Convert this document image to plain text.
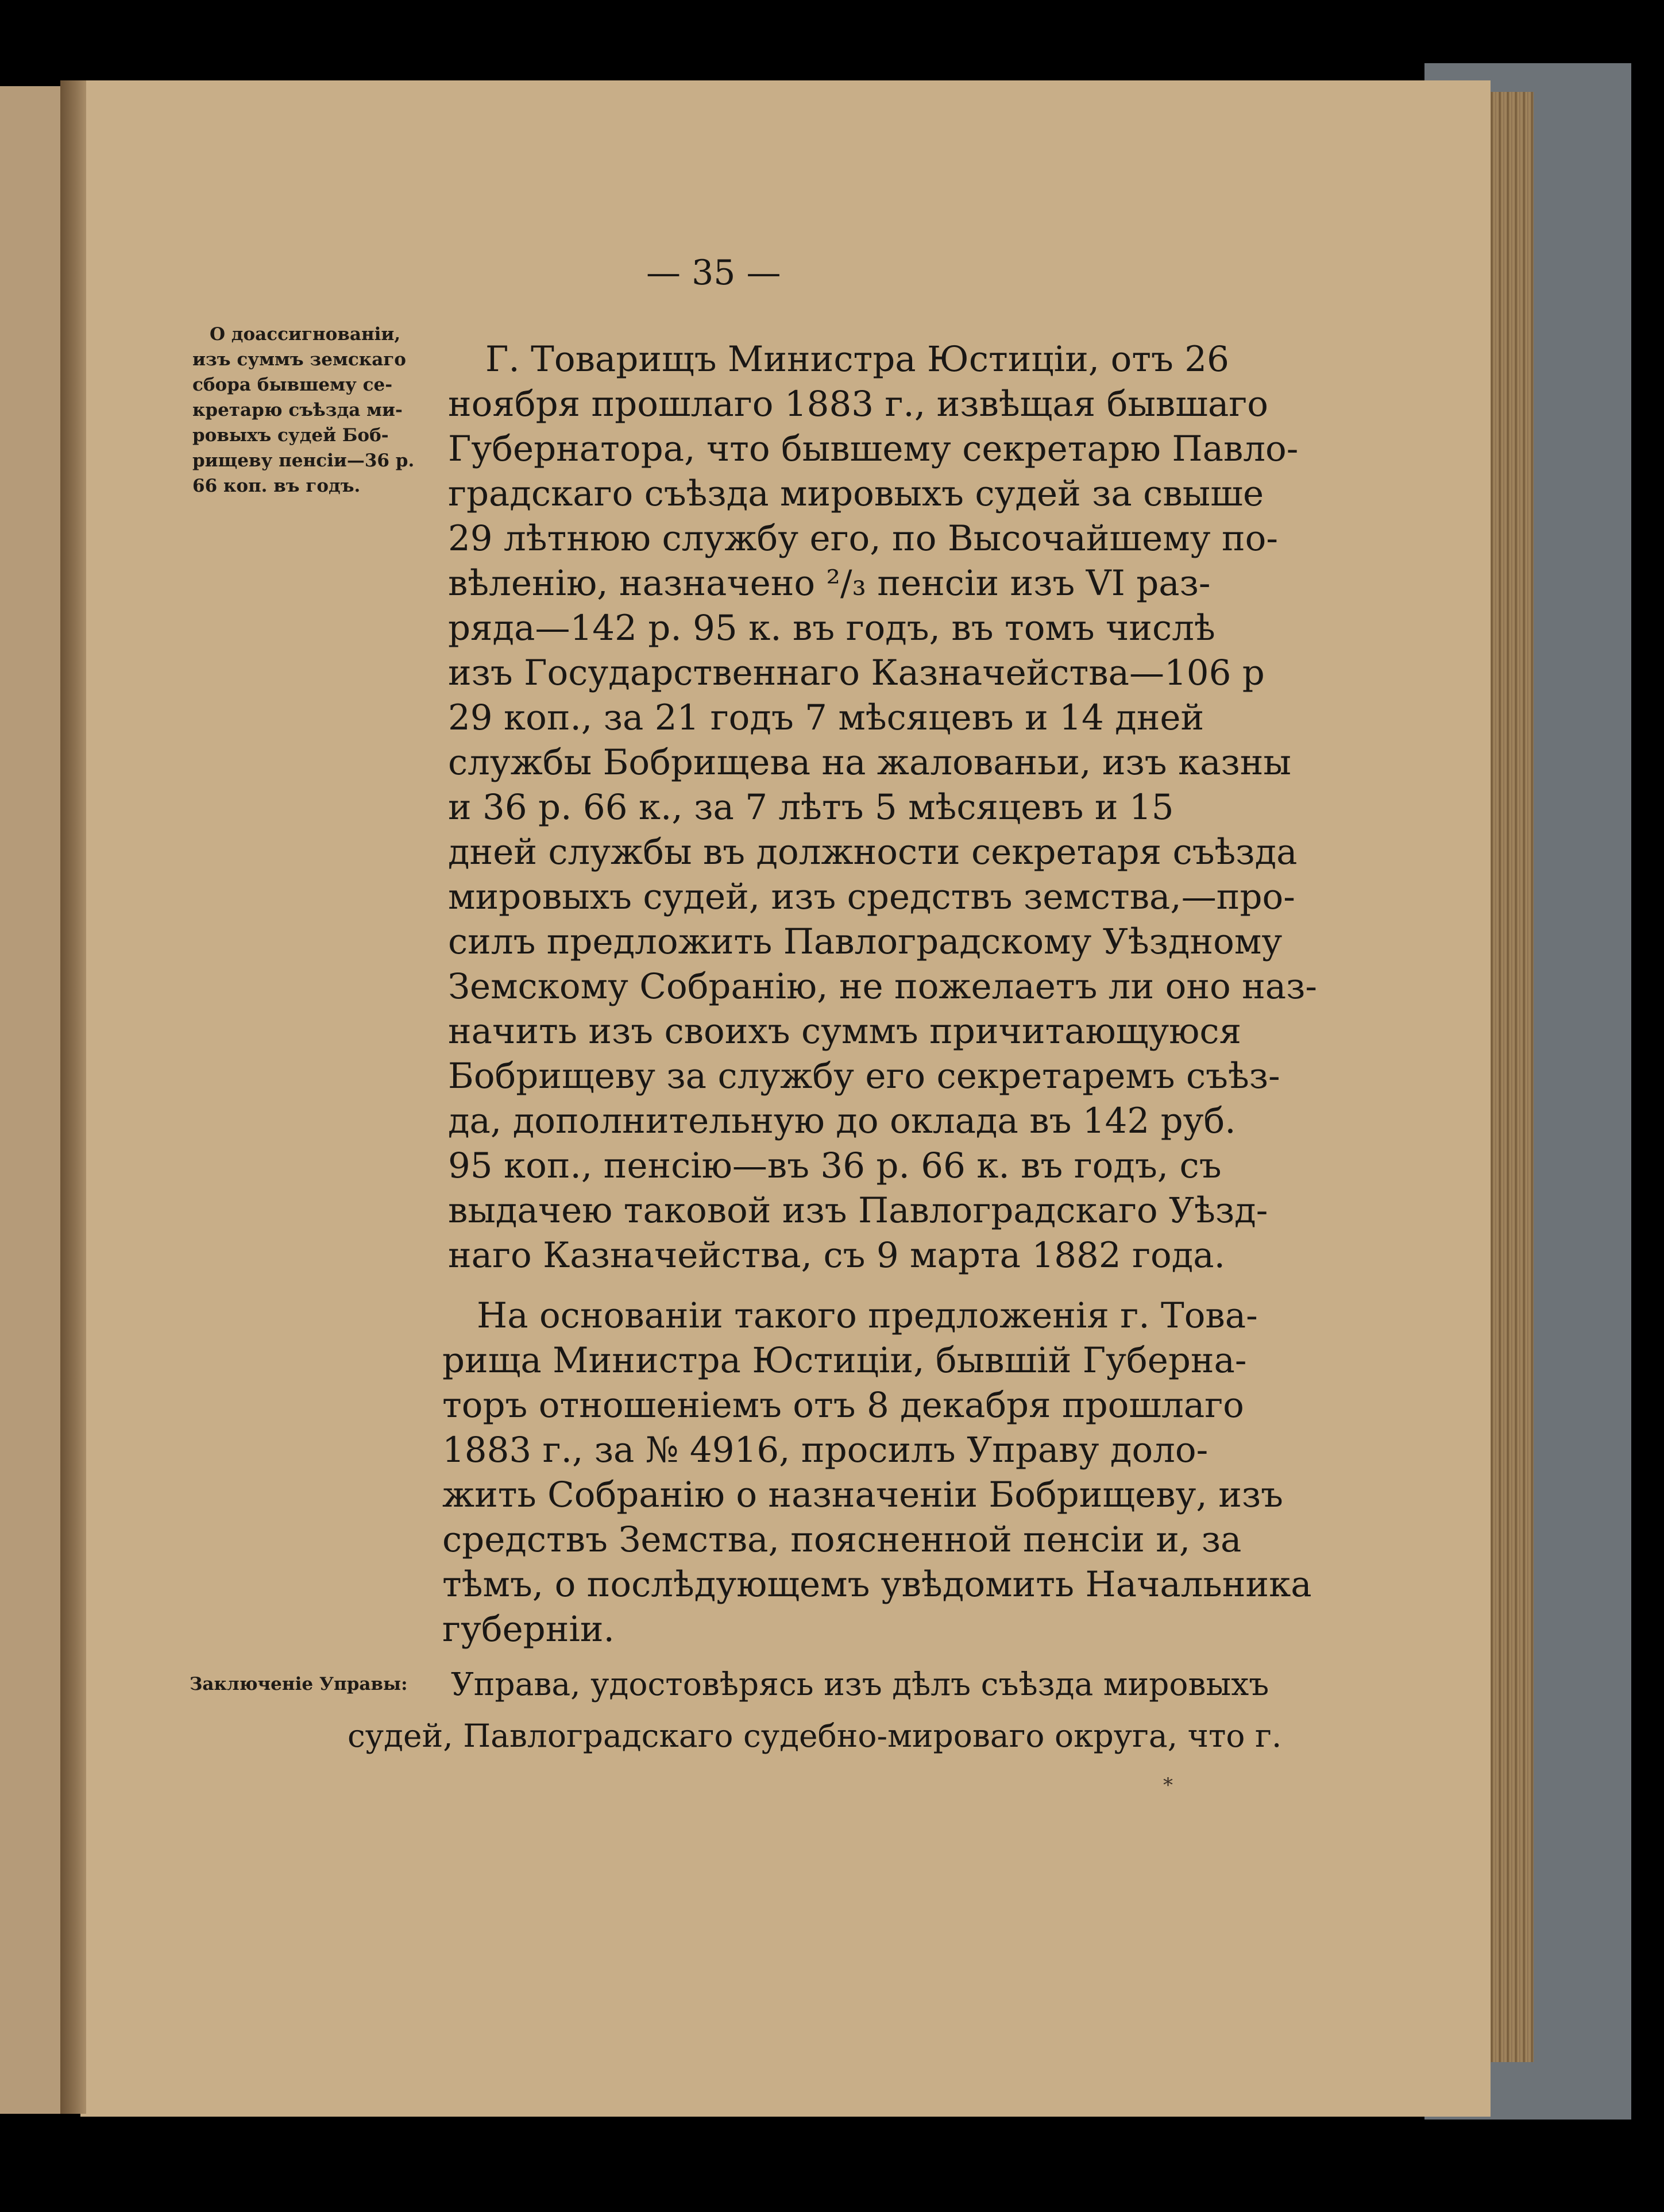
— 35 —
О доассигнованіи,
изъ суммъ земскаго
сбора бывшему се-
кретарю съѣзда ми-
ровыхъ судей Боб-
рищеву пенсіи—36 р.
66 коп. въ годъ.
Заключеніе Управы:
Г. Товарищъ Министра Юстиціи, отъ 26
ноября прошлаго 1883 г., извѣщая бывшаго
Губернатора, что бывшему секретарю Павло-
градскаго съѣзда мировыхъ судей за свыше
29 лѣтнюю службу его, по Высочайшему по-
вѣленію, назначено ²/₃ пенсіи изъ VI раз-
ряда—142 р. 95 к. въ годъ, въ томъ числѣ
изъ Государственнаго Казначейства—106 р
29 коп., за 21 годъ 7 мѣсяцевъ и 14 дней
службы Бобрищева на жалованьи, изъ казны
и 36 р. 66 к., за 7 лѣтъ 5 мѣсяцевъ и 15
дней службы въ должности секретаря съѣзда
мировыхъ судей, изъ средствъ земства,—про-
силъ предложить Павлоградскому Уѣздному
Земскому Собранію, не пожелаетъ ли оно наз-
начить изъ своихъ суммъ причитающуюся
Бобрищеву за службу его секретаремъ съѣз-
да, дополнительную до оклада въ 142 руб.
95 коп., пенсію—въ 36 р. 66 к. въ годъ, съ
выдачею таковой изъ Павлоградскаго Уѣзд-
наго Казначейства, съ 9 марта 1882 года.
На основаніи такого предложенія г. Това-
рища Министра Юстиціи, бывшій Губерна-
торъ отношеніемъ отъ 8 декабря прошлаго
1883 г., за № 4916, просилъ Управу доло-
жить Собранію о назначеніи Бобрищеву, изъ
средствъ Земства, поясненной пенсіи и, за
тѣмъ, о послѣдующемъ увѣдомить Начальника
губерніи.
Управа, удостовѣрясь изъ дѣлъ съѣзда мировыхъ
судей, Павлоградскаго судебно-мироваго округа, что г.
*
